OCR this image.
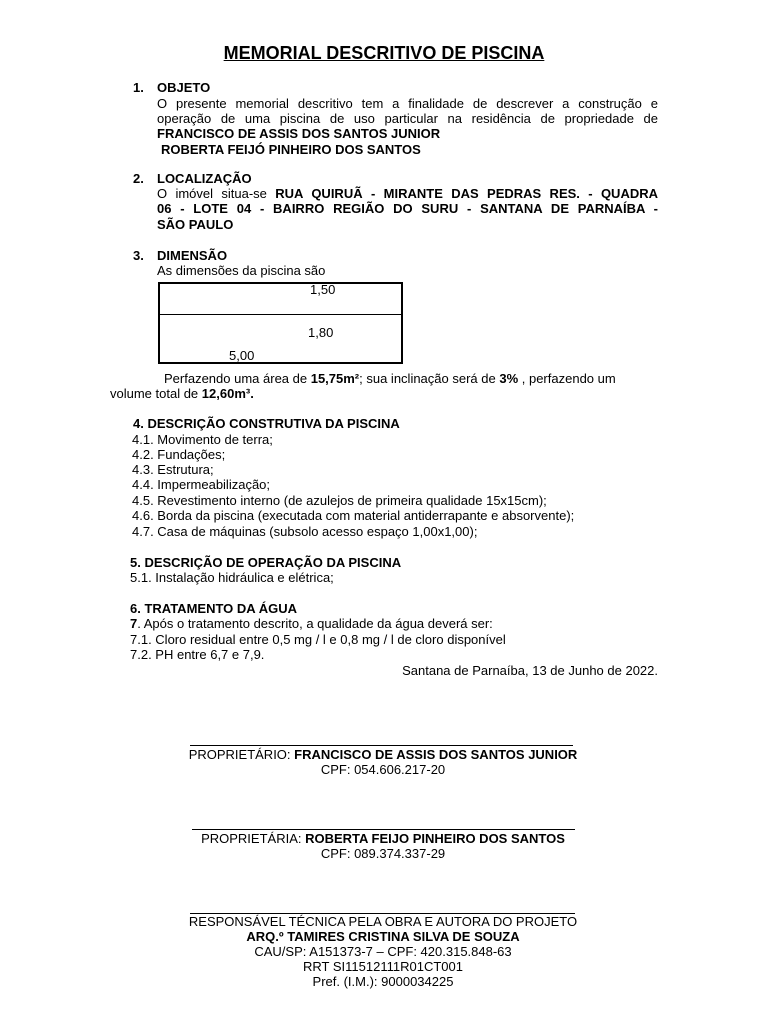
MEMORIAL DESCRITIVO DE PISCINA
1. OBJETO
O presente memorial descritivo tem a finalidade de descrever a construção e
operação de uma piscina de uso particular na residência de propriedade de
FRANCISCO DE ASSIS DOS SANTOS JUNIOR
ROBERTA FEIJÓ PINHEIRO DOS SANTOS
2. LOCALIZAÇÃO
O imóvel situa-se RUA QUIRUÃ - MIRANTE DAS PEDRAS RES. - QUADRA
06 - LOTE 04 - BAIRRO REGIÃO DO SURU - SANTANA DE PARNAÍBA -
SÃO PAULO
3. DIMENSÃO
As dimensões da piscina são
1,50
1,80
5,00
Perfazendo uma área de 15,75m²; sua inclinação será de 3% , perfazendo um
volume total de 12,60m³.
4. DESCRIÇÃO CONSTRUTIVA DA PISCINA
4.1. Movimento de terra;
4.2. Fundações;
4.3. Estrutura;
4.4. Impermeabilização;
4.5. Revestimento interno (de azulejos de primeira qualidade 15x15cm);
4.6. Borda da piscina (executada com material antiderrapante e absorvente);
4.7. Casa de máquinas (subsolo acesso espaço 1,00x1,00);
5. DESCRIÇÃO DE OPERAÇÃO DA PISCINA
5.1. Instalação hidráulica e elétrica;
6. TRATAMENTO DA ÁGUA
7. Após o tratamento descrito, a qualidade da água deverá ser:
7.1. Cloro residual entre 0,5 mg / l e 0,8 mg / l de cloro disponível
7.2. PH entre 6,7 e 7,9.
Santana de Parnaíba, 13 de Junho de 2022.
PROPRIETÁRIO: FRANCISCO DE ASSIS DOS SANTOS JUNIOR
CPF: 054.606.217-20
PROPRIETÁRIA: ROBERTA FEIJO PINHEIRO DOS SANTOS
CPF: 089.374.337-29
RESPONSÁVEL TÉCNICA PELA OBRA E AUTORA DO PROJETO
ARQ.º TAMIRES CRISTINA SILVA DE SOUZA
CAU/SP: A151373-7 – CPF: 420.315.848-63
RRT SI11512111R01CT001
Pref. (I.M.): 9000034225
